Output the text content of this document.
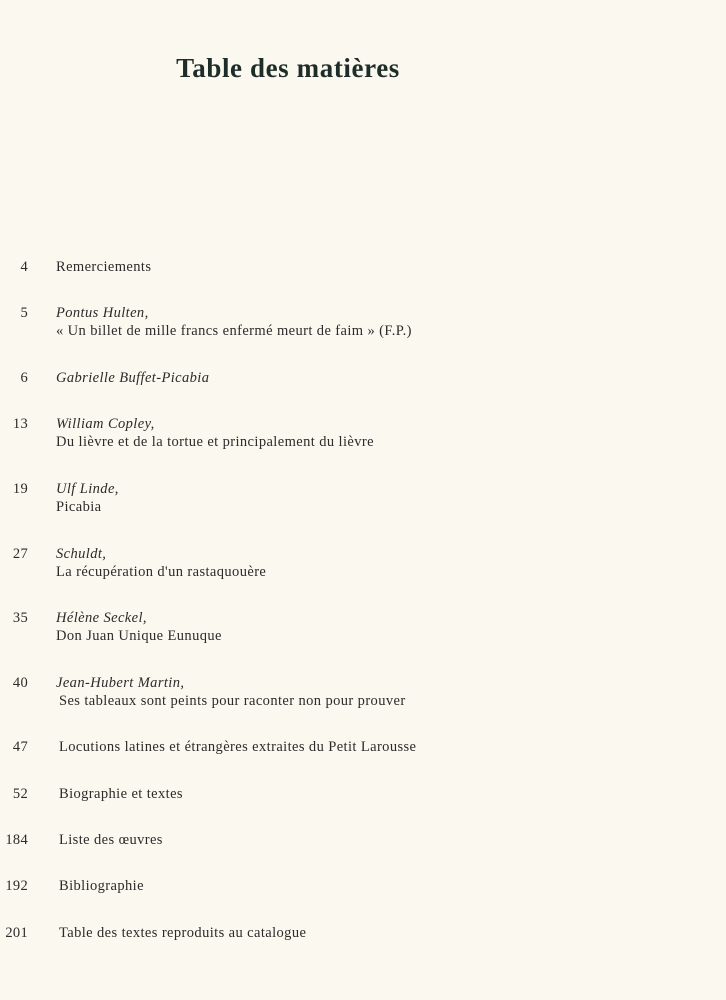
Table des matières
4 Remerciements
5 Pontus Hulten,
« Un billet de mille francs enfermé meurt de faim » (F.P.)
6 Gabrielle Buffet-Picabia
13 William Copley,
Du lièvre et de la tortue et principalement du lièvre
19 Ulf Linde,
Picabia
27 Schuldt,
La récupération d'un rastaquouère
35 Hélène Seckel,
Don Juan Unique Eunuque
40 Jean-Hubert Martin,
Ses tableaux sont peints pour raconter non pour prouver
47 Locutions latines et étrangères extraites du Petit Larousse
52 Biographie et textes
184 Liste des œuvres
192 Bibliographie
201 Table des textes reproduits au catalogue
